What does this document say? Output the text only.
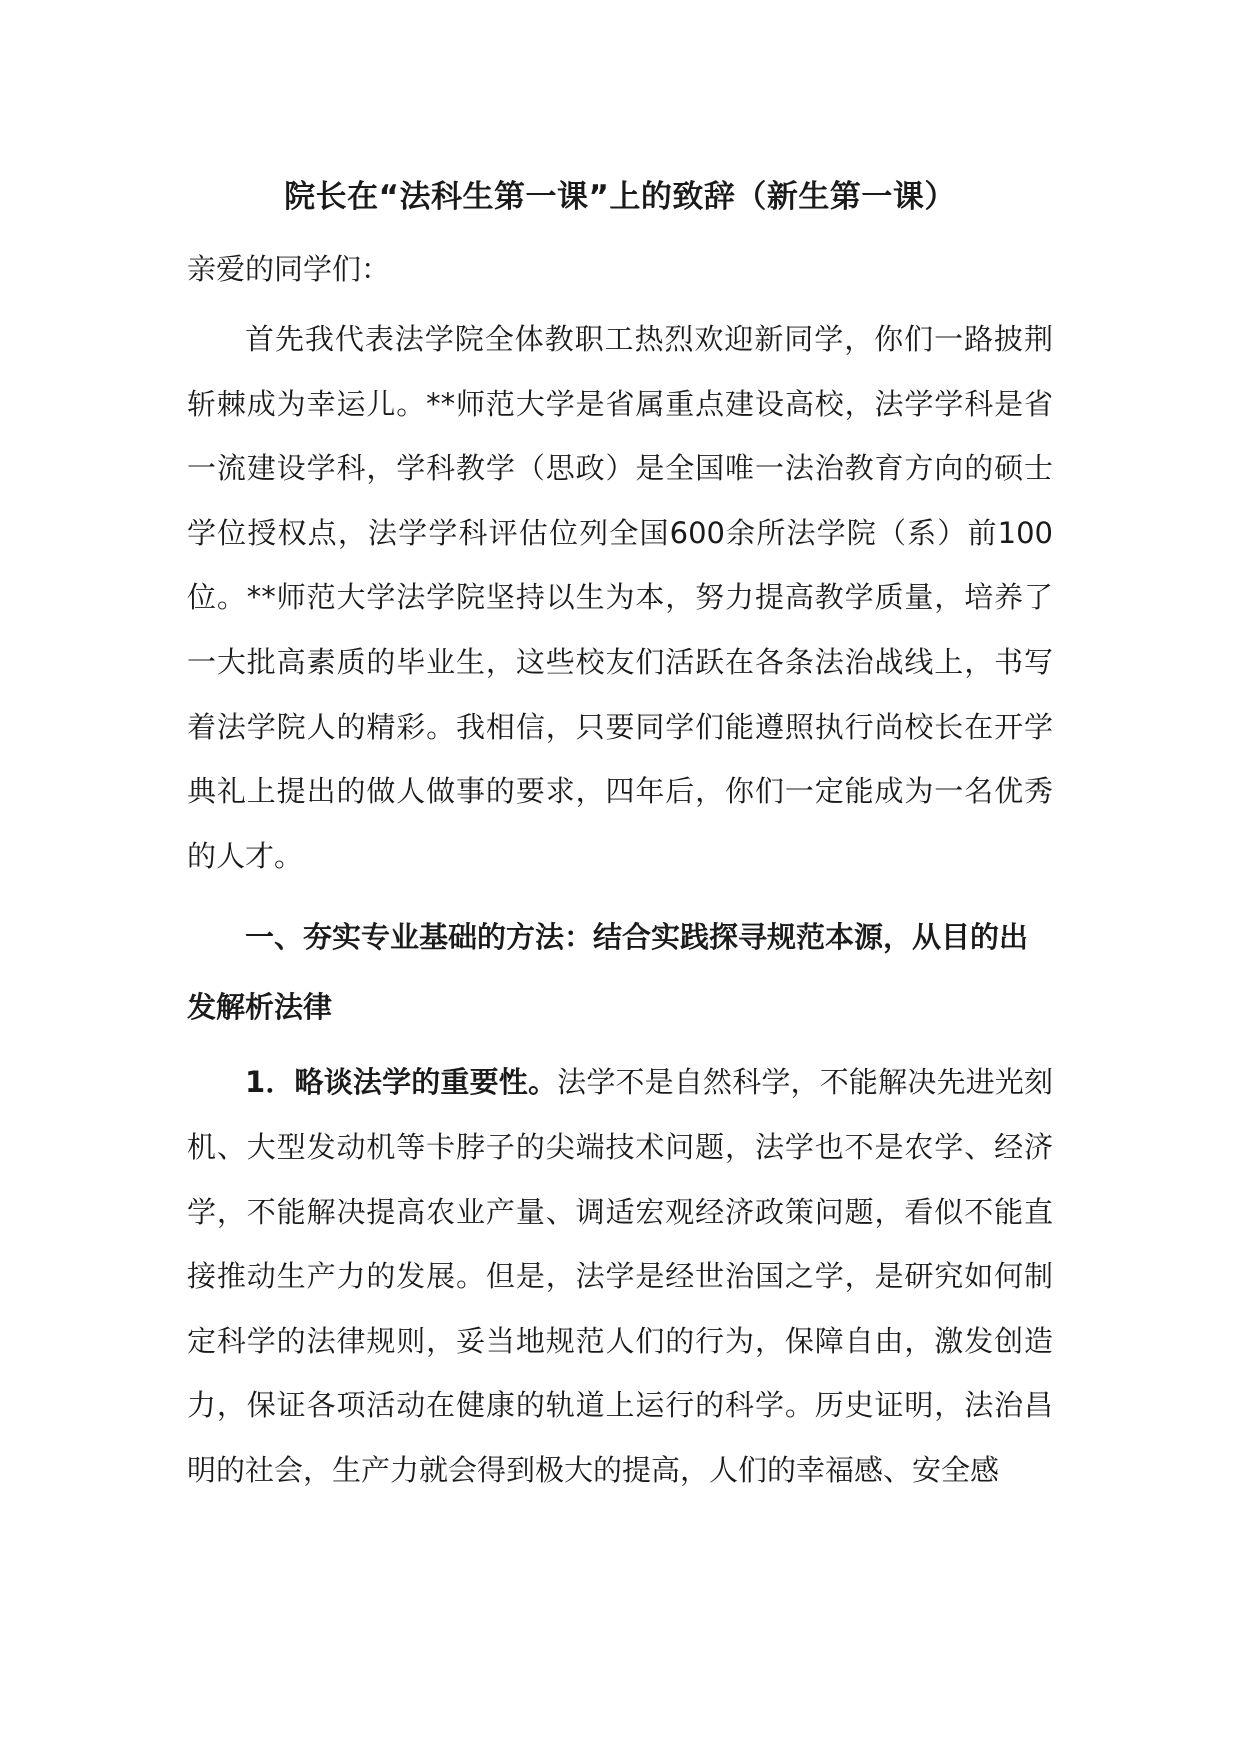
院长在“法科生第一课”上的致辞（新生第一课）

亲爱的同学们：

首先我代表法学院全体教职工热烈欢迎新同学，你们一路披荆斩棘成为幸运儿。**师范大学是省属重点建设高校，法学学科是省一流建设学科，学科教学（思政）是全国唯一法治教育方向的硕士学位授权点，法学学科评估位列全国600余所法学院（系）前100位。**师范大学法学院坚持以生为本，努力提高教学质量，培养了一大批高素质的毕业生，这些校友们活跃在各条法治战线上，书写着法学院人的精彩。我相信，只要同学们能遵照执行尚校长在开学典礼上提出的做人做事的要求，四年后，你们一定能成为一名优秀的人才。

一、夯实专业基础的方法：结合实践探寻规范本源，从目的出发解析法律

1．略谈法学的重要性。法学不是自然科学，不能解决先进光刻机、大型发动机等卡脖子的尖端技术问题，法学也不是农学、经济学，不能解决提高农业产量、调适宏观经济政策问题，看似不能直接推动生产力的发展。但是，法学是经世治国之学，是研究如何制定科学的法律规则，妥当地规范人们的行为，保障自由，激发创造力，保证各项活动在健康的轨道上运行的科学。历史证明，法治昌明的社会，生产力就会得到极大的提高，人们的幸福感、安全感
